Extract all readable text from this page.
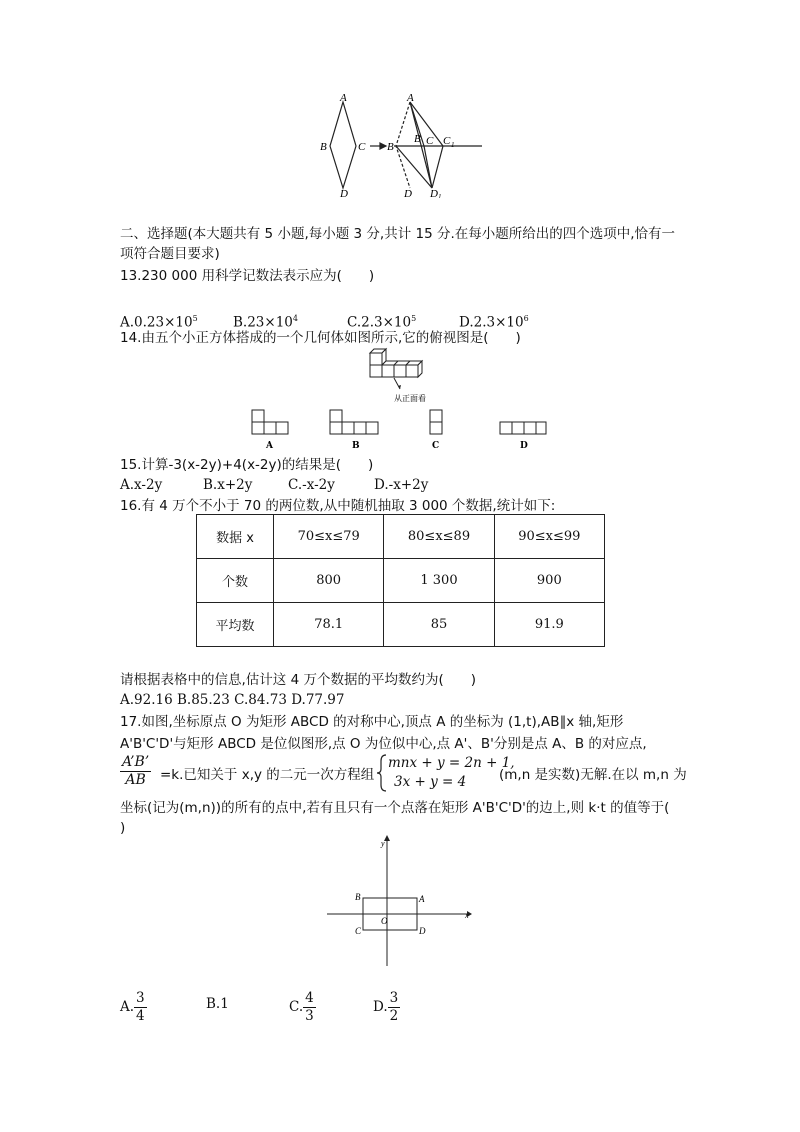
A
B	C
D
A
B
B C C 1
D D 1
二、选择题(本大题共有 5 小题,每小题 3 分,共计 15 分.在每小题所给出的四个选项中,恰有一
项符合题目要求)
13.230 000 用科学记数法表示应为(　　)
$A.0.23\times 10^5$	$B.23\times 10^4$	$C.2.3\times 10^5$	$D.2.3\times 10^6$
14.由五个小正方体搭成的一个几何体如图所示,它的俯视图是(　　)
从正面看
A	B	C	D
15.计算-3(x-2y)+4(x-2y)的结果是(　　)
A.x-2y	B.x+2y	C.-x-2y	D.-x+2y
16.有 4 万个不小于 70 的两位数,从中随机抽取 3 000 个数据,统计如下:
数据 x	70≤x≤79	80≤x≤89	90≤x≤99
个数	800	1 300	900
平均数	78.1	85	91.9
请根据表格中的信息,估计这 4 万个数据的平均数约为(　　)
A.92.16 B.85.23 C.84.73 D.77.97
17.如图,坐标原点 O 为矩形 ABCD 的对称中心,顶点 A 的坐标为 (1,t),AB∥x 轴,矩形
A'B'C'D'与矩形 ABCD 是位似图形,点 O 为位似中心,点 A'、B'分别是点 A、B 的对应点,
$\frac{A’B’}{AB} =k$.已知关于 x,y 的二元一次方程组
mnx + y = 2n + 1,
3x + y = 4	(m,n 是实数)无解.在以 m,n 为
坐标(记为(m,n))的所有的点中,若有且只有一个点落在矩形 A'B'C'D'的边上,则 k·t 的值等于(
)
x
y
A
B
C	D
O
A. $\frac{3}{4}$	B.1	C. $\frac{4}{3}$	D. $\frac{3}{2}$
